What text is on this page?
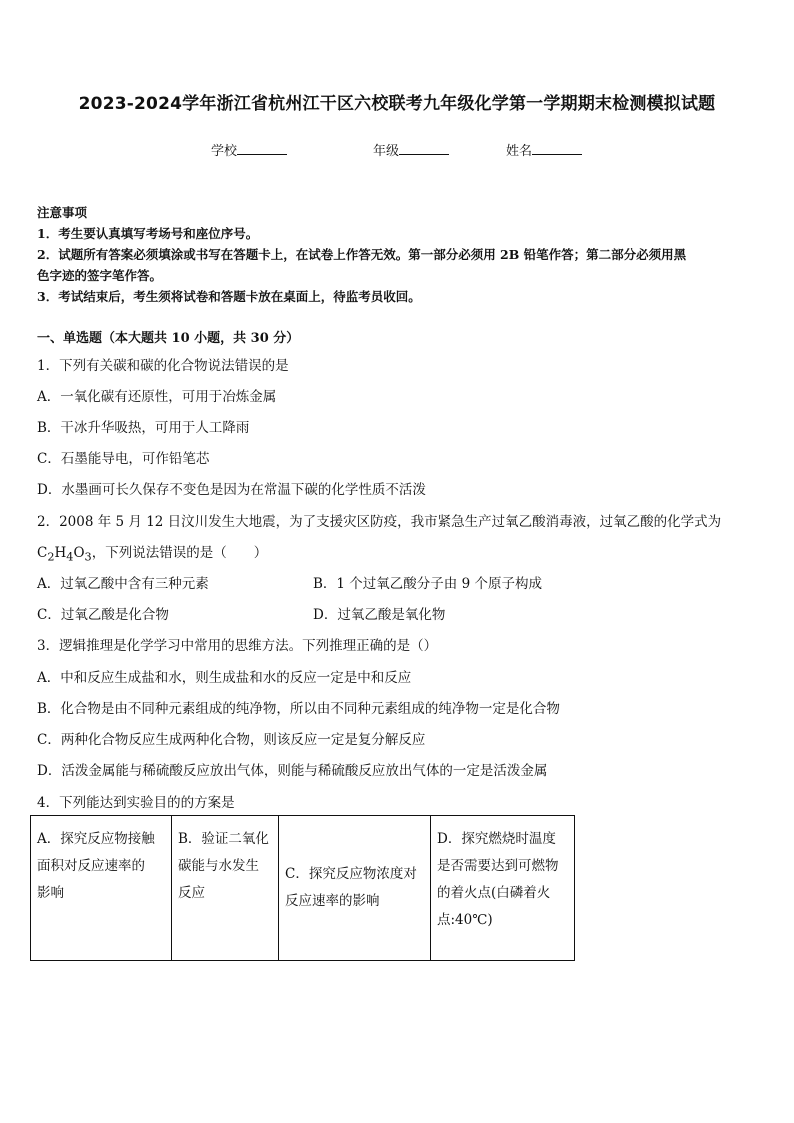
2023-2024学年浙江省杭州江干区六校联考九年级化学第一学期期末检测模拟试题
学校	年级	姓名
注意事项
1．考生要认真填写考场号和座位序号。
2．试题所有答案必须填涂或书写在答题卡上，在试卷上作答无效。第一部分必须用 2B 铅笔作答；第二部分必须用黑
色字迹的签字笔作答。
3．考试结束后，考生须将试卷和答题卡放在桌面上，待监考员收回。
一、单选题（本大题共 10 小题，共 30 分）
1．下列有关碳和碳的化合物说法错误的是
A．一氧化碳有还原性，可用于冶炼金属
B．干冰升华吸热，可用于人工降雨
C．石墨能导电，可作铅笔芯
D．水墨画可长久保存不变色是因为在常温下碳的化学性质不活泼
2．2008 年 5 月 12 日汶川发生大地震，为了支援灾区防疫，我市紧急生产过氧乙酸消毒液，过氧乙酸的化学式为
$C_2H_4O_3$，下列说法错误的是（　　）
A．过氧乙酸中含有三种元素	B．1 个过氧乙酸分子由 9 个原子构成
C．过氧乙酸是化合物	D．过氧乙酸是氧化物
3．逻辑推理是化学学习中常用的思维方法。下列推理正确的是（）
A．中和反应生成盐和水，则生成盐和水的反应一定是中和反应
B．化合物是由不同种元素组成的纯净物，所以由不同种元素组成的纯净物一定是化合物
C．两种化合物反应生成两种化合物，则该反应一定是复分解反应
D．活泼金属能与稀硫酸反应放出气体，则能与稀硫酸反应放出气体的一定是活泼金属
4．下列能达到实验目的的方案是
A．探究反应物接触
面积对反应速率的
影响

B．验证二氧化
碳能与水发生
反应

C．探究反应物浓度对
反应速率的影响

D．探究燃烧时温度
是否需要达到可燃物
的着火点(白磷着火
点:40℃)
